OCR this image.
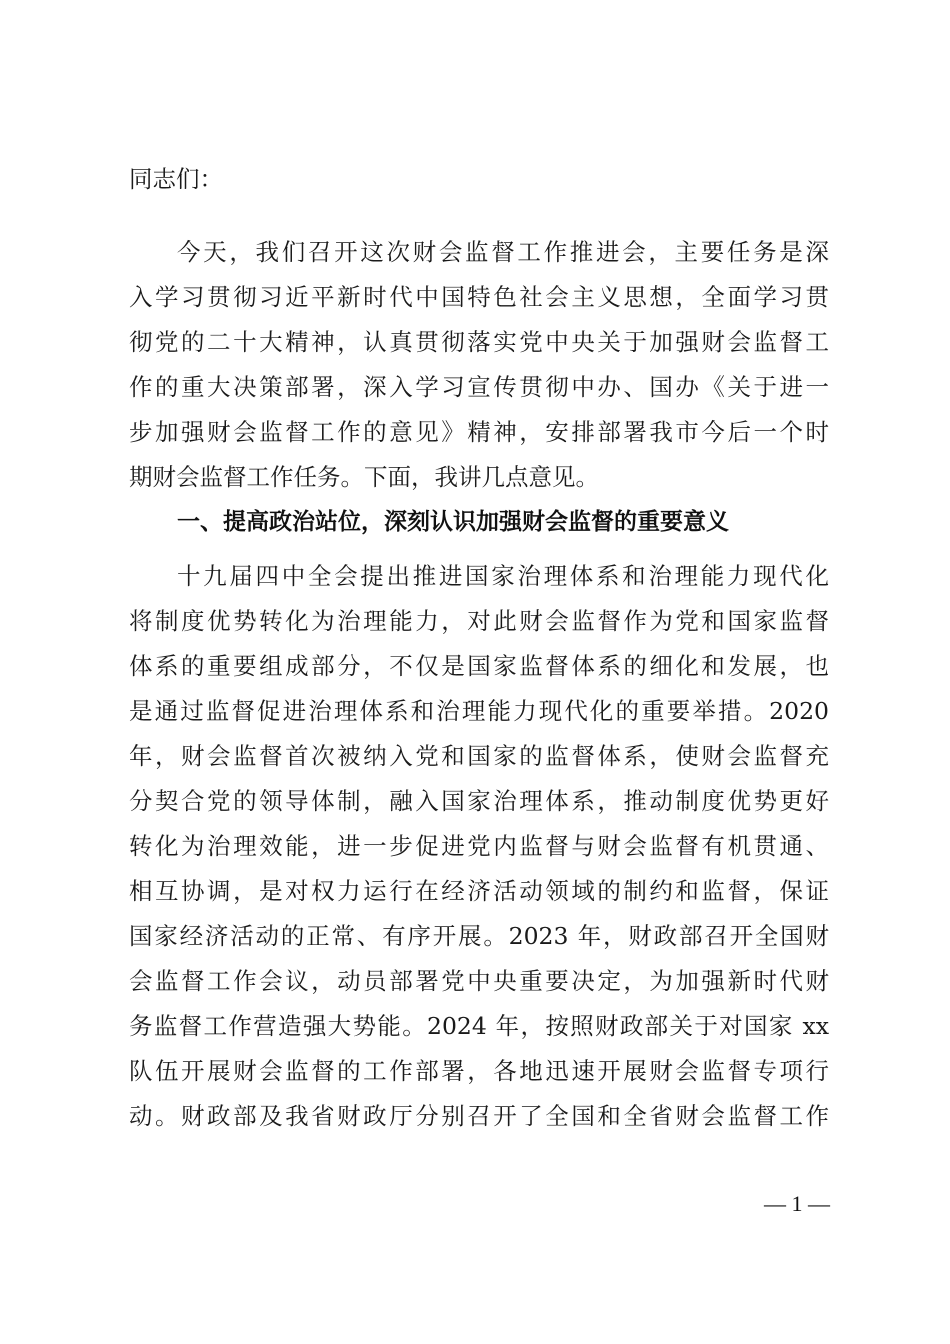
同志们：
今天，我们召开这次财会监督工作推进会，主要任务是深
入学习贯彻习近平新时代中国特色社会主义思想，全面学习贯
彻党的二十大精神，认真贯彻落实党中央关于加强财会监督工
作的重大决策部署，深入学习宣传贯彻中办、国办《关于进一
步加强财会监督工作的意见》精神，安排部署我市今后一个时
期财会监督工作任务。下面，我讲几点意见。
一、提高政治站位，深刻认识加强财会监督的重要意义
十九届四中全会提出推进国家治理体系和治理能力现代化
将制度优势转化为治理能力，对此财会监督作为党和国家监督
体系的重要组成部分，不仅是国家监督体系的细化和发展，也
是通过监督促进治理体系和治理能力现代化的重要举措。2020
年，财会监督首次被纳入党和国家的监督体系，使财会监督充
分契合党的领导体制，融入国家治理体系，推动制度优势更好
转化为治理效能，进一步促进党内监督与财会监督有机贯通、
相互协调，是对权力运行在经济活动领域的制约和监督，保证
国家经济活动的正常、有序开展。2023 年，财政部召开全国财
会监督工作会议，动员部署党中央重要决定，为加强新时代财
务监督工作营造强大势能。2024 年，按照财政部关于对国家 xx
队伍开展财会监督的工作部署，各地迅速开展财会监督专项行
动。财政部及我省财政厅分别召开了全国和全省财会监督工作
— 1 —
